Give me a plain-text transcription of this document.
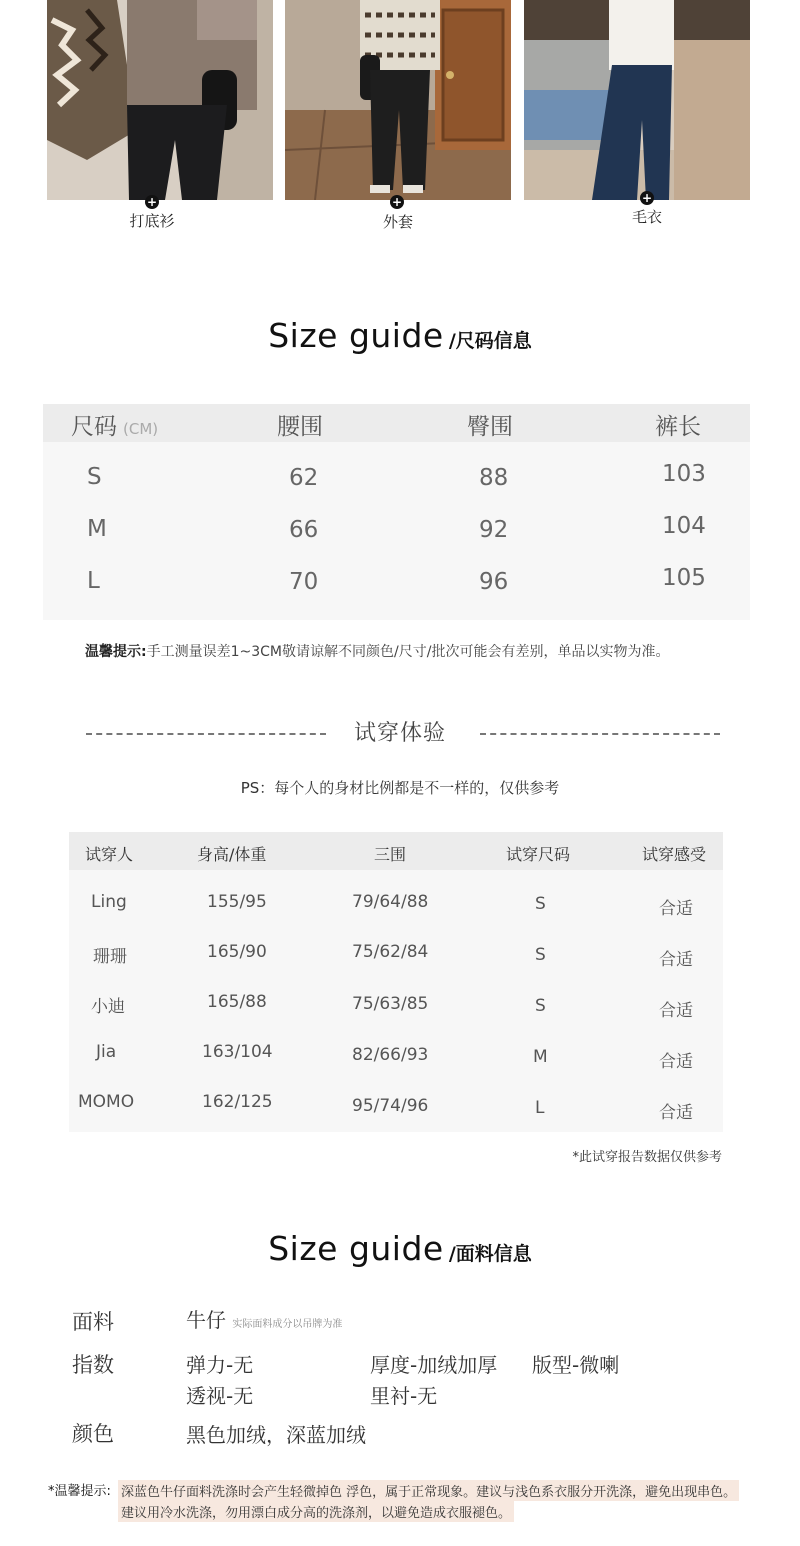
+
打底衫
+
外套
+
毛衣
Size guide /尺码信息
尺码 (CM)	腰围	臀围	裤长
S	62	88	103
M	66	92	104
L	70	96	105
温馨提示:手工测量误差1~3CM敬请谅解不同颜色/尺寸/批次可能会有差别，单品以实物为准。
试穿体验
PS：每个人的身材比例都是不一样的，仅供参考
试穿人	身高/体重	三围	试穿尺码	试穿感受
Ling	155/95	79/64/88	S	合适
珊珊	165/90	75/62/84	S	合适
小迪	165/88	75/63/85	S	合适
Jia	163/104	82/66/93	M	合适
MOMO	162/125	95/74/96	L	合适
*此试穿报告数据仅供参考
Size guide /面料信息
面料	牛仔 实际面料成分以吊牌为准
指数	弹力-无	厚度-加绒加厚 版型-微喇
透视-无	里衬-无
颜色	黑色加绒，深蓝加绒
*温馨提示: 深蓝色牛仔面料洗涤时会产生轻微掉色 浮色，属于正常现象。建议与浅色系衣服分开洗涤，避免出现串色。
建议用冷水洗涤，勿用漂白成分高的洗涤剂，以避免造成衣服褪色。
